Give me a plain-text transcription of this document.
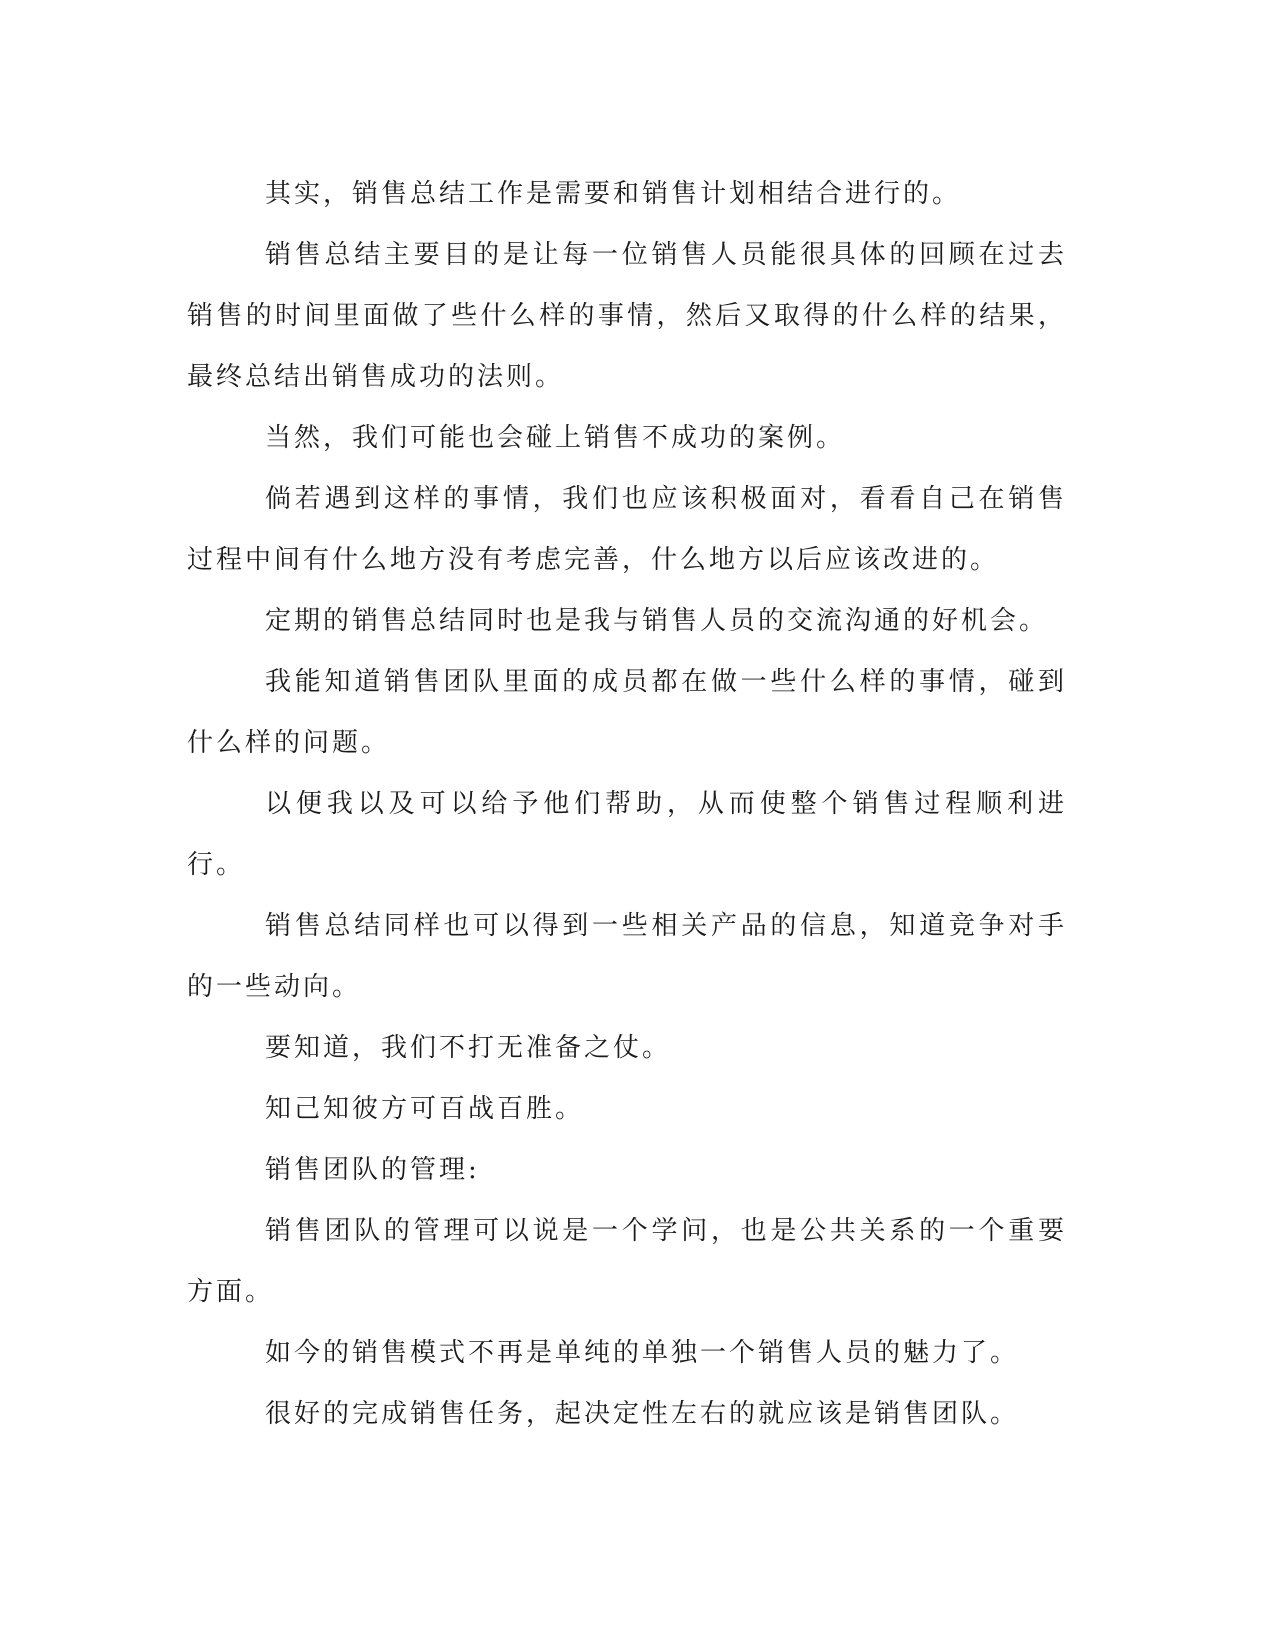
其实，销售总结工作是需要和销售计划相结合进行的。

销售总结主要目的是让每一位销售人员能很具体的回顾在过去销售的时间里面做了些什么样的事情，然后又取得的什么样的结果，最终总结出销售成功的法则。

当然，我们可能也会碰上销售不成功的案例。

倘若遇到这样的事情，我们也应该积极面对，看看自己在销售过程中间有什么地方没有考虑完善，什么地方以后应该改进的。

定期的销售总结同时也是我与销售人员的交流沟通的好机会。

我能知道销售团队里面的成员都在做一些什么样的事情，碰到什么样的问题。

以便我以及可以给予他们帮助，从而使整个销售过程顺利进行。

销售总结同样也可以得到一些相关产品的信息，知道竞争对手的一些动向。

要知道，我们不打无准备之仗。

知己知彼方可百战百胜。

销售团队的管理:

销售团队的管理可以说是一个学问，也是公共关系的一个重要方面。

如今的销售模式不再是单纯的单独一个销售人员的魅力了。

很好的完成销售任务，起决定性左右的就应该是销售团队。
